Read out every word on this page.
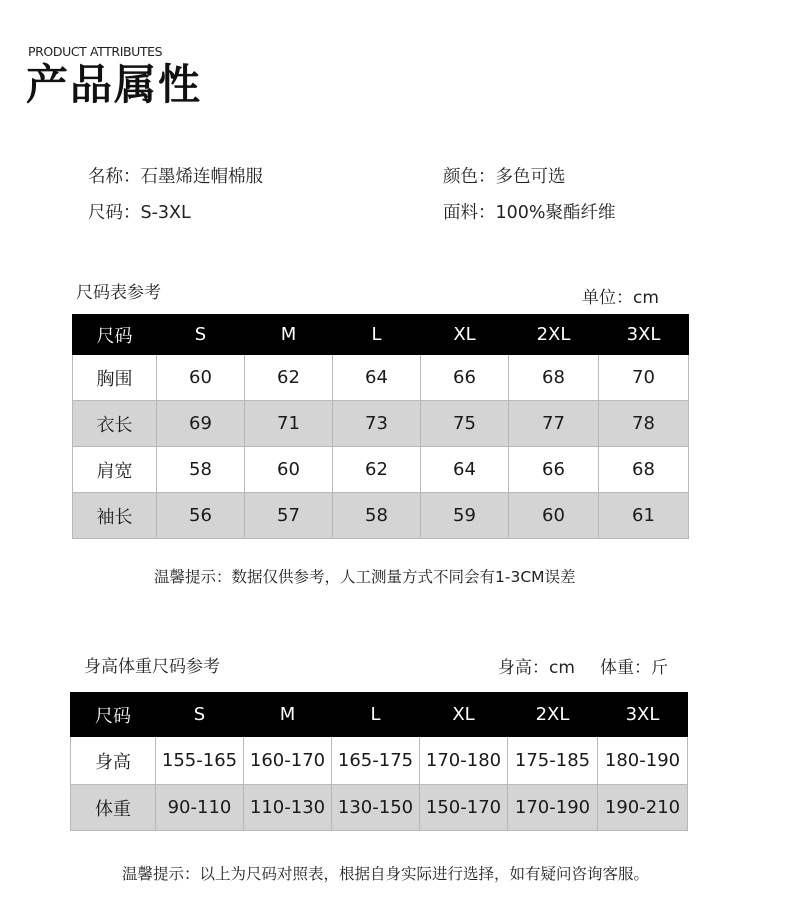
PRODUCT ATTRIBUTES
产品属性
名称：石墨烯连帽棉服	颜色：多色可选
尺码：S-3XL	面料：100%聚酯纤维
尺码表参考	单位：cm
尺码	S	M	L	XL	2XL	3XL
胸围	60	62	64	66	68	70
衣长	69	71	73	75	77	78
肩宽	58	60	62	64	66	68
袖长	56	57	58	59	60	61
温馨提示：数据仅供参考，人工测量方式不同会有1-3CM误差
身高体重尺码参考	身高：cm 体重：斤
尺码	S	M	L	XL	2XL	3XL
身高	155-165	160-170	165-175	170-180	175-185	180-190
体重	90-110	110-130	130-150	150-170	170-190	190-210
温馨提示：以上为尺码对照表，根据自身实际进行选择，如有疑问咨询客服。
